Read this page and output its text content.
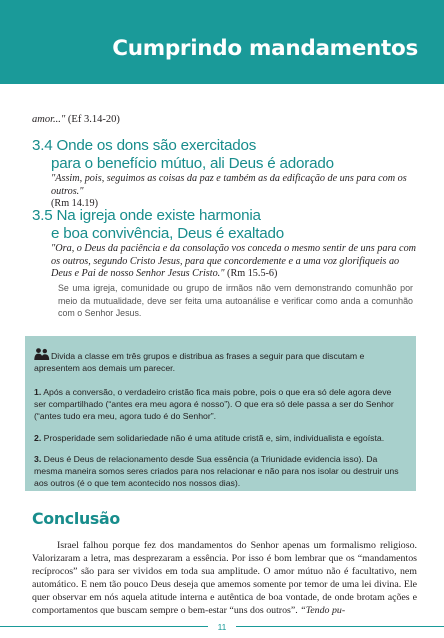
Cumprindo mandamentos
amor..." (Ef 3.14-20)
3.4 Onde os dons são exercitados
para o benefício mútuo, ali Deus é adorado
"Assim, pois, seguimos as coisas da paz e também as da edificação de uns para com os outros."
(Rm 14.19)
3.5 Na igreja onde existe harmonia
e boa convivência, Deus é exaltado
"Ora, o Deus da paciência e da consolação vos conceda o mesmo sentir de uns para com os outros, segundo Cristo Jesus, para que concordemente e a uma voz glorifiqueis ao Deus e Pai de nosso Senhor Jesus Cristo." (Rm 15.5-6)
Se uma igreja, comunidade ou grupo de irmãos não vem demonstrando comunhão por meio da mutualidade, deve ser feita uma autoanálise e verificar como anda a comunhão com o Senhor Jesus.

Divida a classe em três grupos e distribua as frases a seguir para que discutam e apresentem aos demais um parecer.

1. Após a conversão, o verdadeiro cristão fica mais pobre, pois o que era só dele agora deve ser compartilhado (“antes era meu agora é nosso”). O que era só dele passa a ser do Senhor (“antes tudo era meu, agora tudo é do Senhor”.

2. Prosperidade sem solidariedade não é uma atitude cristã e, sim, individualista e egoísta.

3. Deus é Deus de relacionamento desde Sua essência (a Triunidade evidencia isso). Da mesma maneira somos seres criados para nos relacionar e não para nos isolar ou destruir uns aos outros (é o que tem acontecido nos nossos dias).

Conclusão

Israel falhou porque fez dos mandamentos do Senhor apenas um formalismo religioso. Valorizaram a letra, mas desprezaram a essência. Por isso é bom lembrar que os “mandamentos recíprocos” são para ser vividos em toda sua amplitude. O amor mútuo não é facultativo, nem automático. E nem tão pouco Deus deseja que amemos somente por temor de uma lei divina. Ele quer observar em nós aquela atitude interna e autêntica de boa vontade, de onde brotam ações e comportamentos que buscam sempre o bem-estar “uns dos outros”. “Tendo pu-

11
